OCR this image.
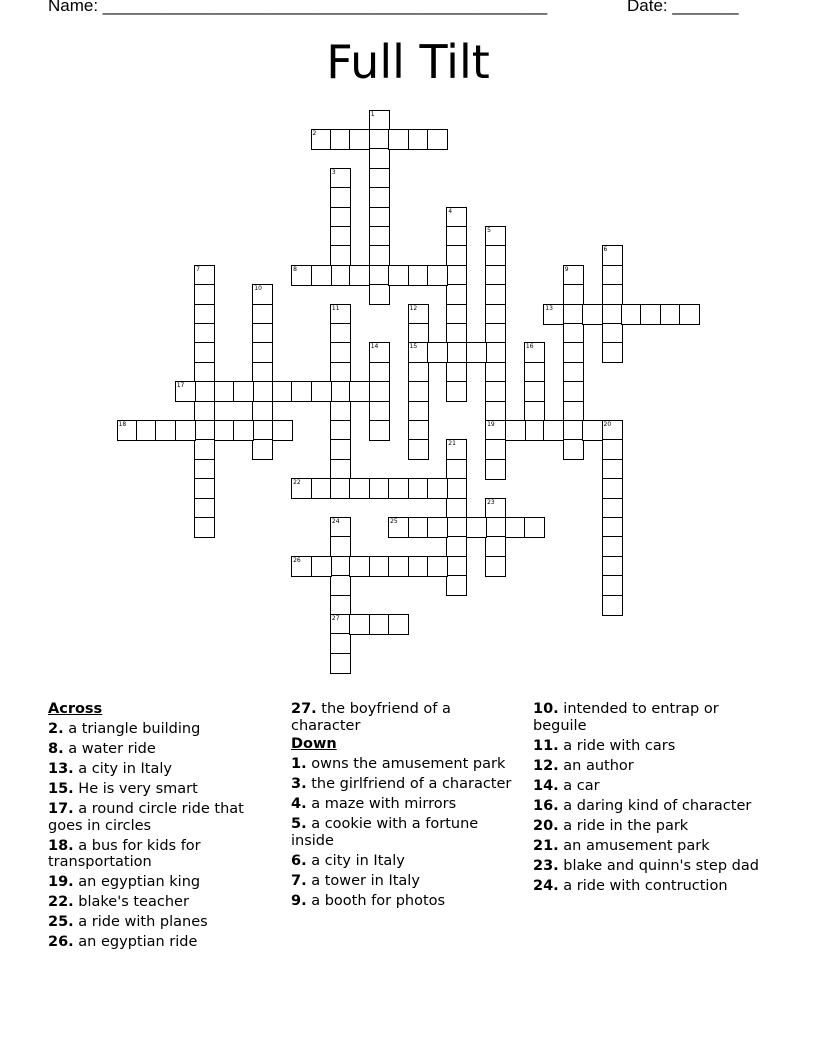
Name: _______________________________________________	Date: _______
Full Tilt
1
2
3
4
5
19
6
7	8	9
10
11	12
15
13
14	16
17
18	20
21
22
23
24
27
25
26
Across
2. a triangle building
8. a water ride
13. a city in Italy
15. He is very smart
17. a round circle ride that goes in circles
18. a bus for kids for transportation
19. an egyptian king
22. blake's teacher
25. a ride with planes
26. an egyptian ride
27. the boyfriend of a character
Down
1. owns the amusement park
3. the girlfriend of a character
4. a maze with mirrors
5. a cookie with a fortune inside
6. a city in Italy
7. a tower in Italy
9. a booth for photos
10. intended to entrap or beguile
11. a ride with cars
12. an author
14. a car
16. a daring kind of character
20. a ride in the park
21. an amusement park
23. blake and quinn's step dad
24. a ride with contruction
